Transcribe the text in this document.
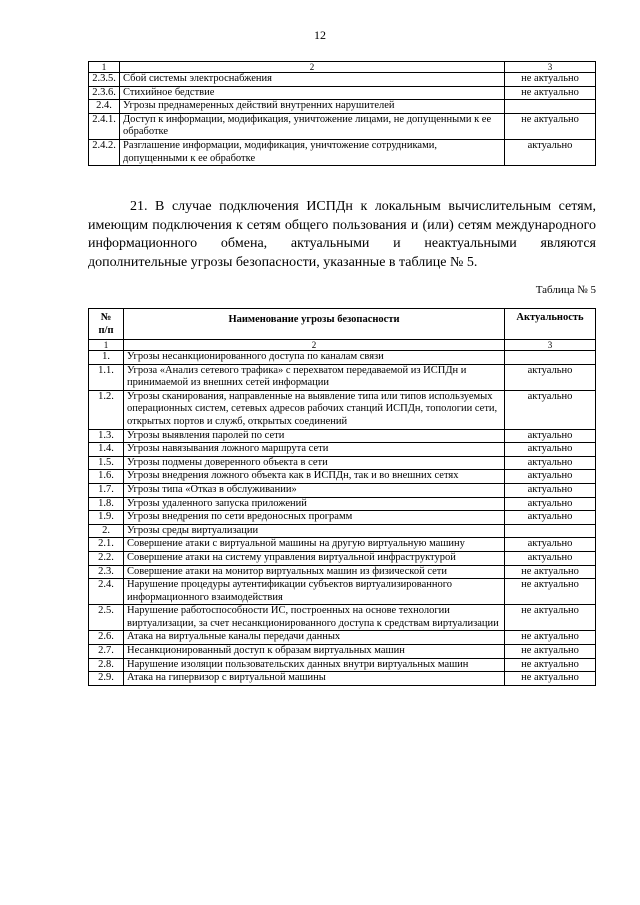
12
1	2	3
2.3.5.	Сбой системы электроснабжения	не актуально
2.3.6.	Стихийное бедствие	не актуально
2.4.	Угрозы преднамеренных действий внутренних нарушителей	
2.4.1.	Доступ к информации, модификация, уничтожение лицами, не допущенными к ее обработке	не актуально
2.4.2.	Разглашение информации, модификация, уничтожение сотрудниками, допущенными к ее обработке	актуально

21. В случае подключения ИСПДн к локальным вычислительным сетям, имеющим подключения к сетям общего пользования и (или) сетям международного информационного обмена, актуальными и неактуальными являются дополнительные угрозы безопасности, указанные в таблице № 5.

Таблица № 5
№
п/п	Наименование угрозы безопасности	Актуальность
1	2	3
1.	Угрозы несанкционированного доступа по каналам связи	
1.1.	Угроза «Анализ сетевого трафика» с перехватом передаваемой из ИСПДн и принимаемой из внешних сетей информации	актуально
1.2.	Угрозы сканирования, направленные на выявление типа или типов используемых операционных систем, сетевых адресов рабочих станций ИСПДн, топологии сети, открытых портов и служб, открытых соединений	актуально
1.3.	Угрозы выявления паролей по сети	актуально
1.4.	Угрозы навязывания ложного маршрута сети	актуально
1.5.	Угрозы подмены доверенного объекта в сети	актуально
1.6.	Угрозы внедрения ложного объекта как в ИСПДн, так и во внешних сетях	актуально
1.7.	Угрозы типа «Отказ в обслуживании»	актуально
1.8.	Угрозы удаленного запуска приложений	актуально
1.9.	Угрозы внедрения по сети вредоносных программ	актуально
2.	Угрозы среды виртуализации	
2.1.	Совершение атаки с виртуальной машины на другую виртуальную машину	актуально
2.2.	Совершение атаки на систему управления виртуальной инфраструктурой	актуально
2.3.	Совершение атаки на монитор виртуальных машин из физической сети	не актуально
2.4.	Нарушение процедуры аутентификации субъектов виртуализированного информационного взаимодействия	не актуально
2.5.	Нарушение работоспособности ИС, построенных на основе технологии виртуализации, за счет несанкционированного доступа к средствам виртуализации	не актуально
2.6.	Атака на виртуальные каналы передачи данных	не актуально
2.7.	Несанкционированный доступ к образам виртуальных машин	не актуально
2.8.	Нарушение изоляции пользовательских данных внутри виртуальных машин	не актуально
2.9.	Атака на гипервизор с виртуальной машины	не актуально
